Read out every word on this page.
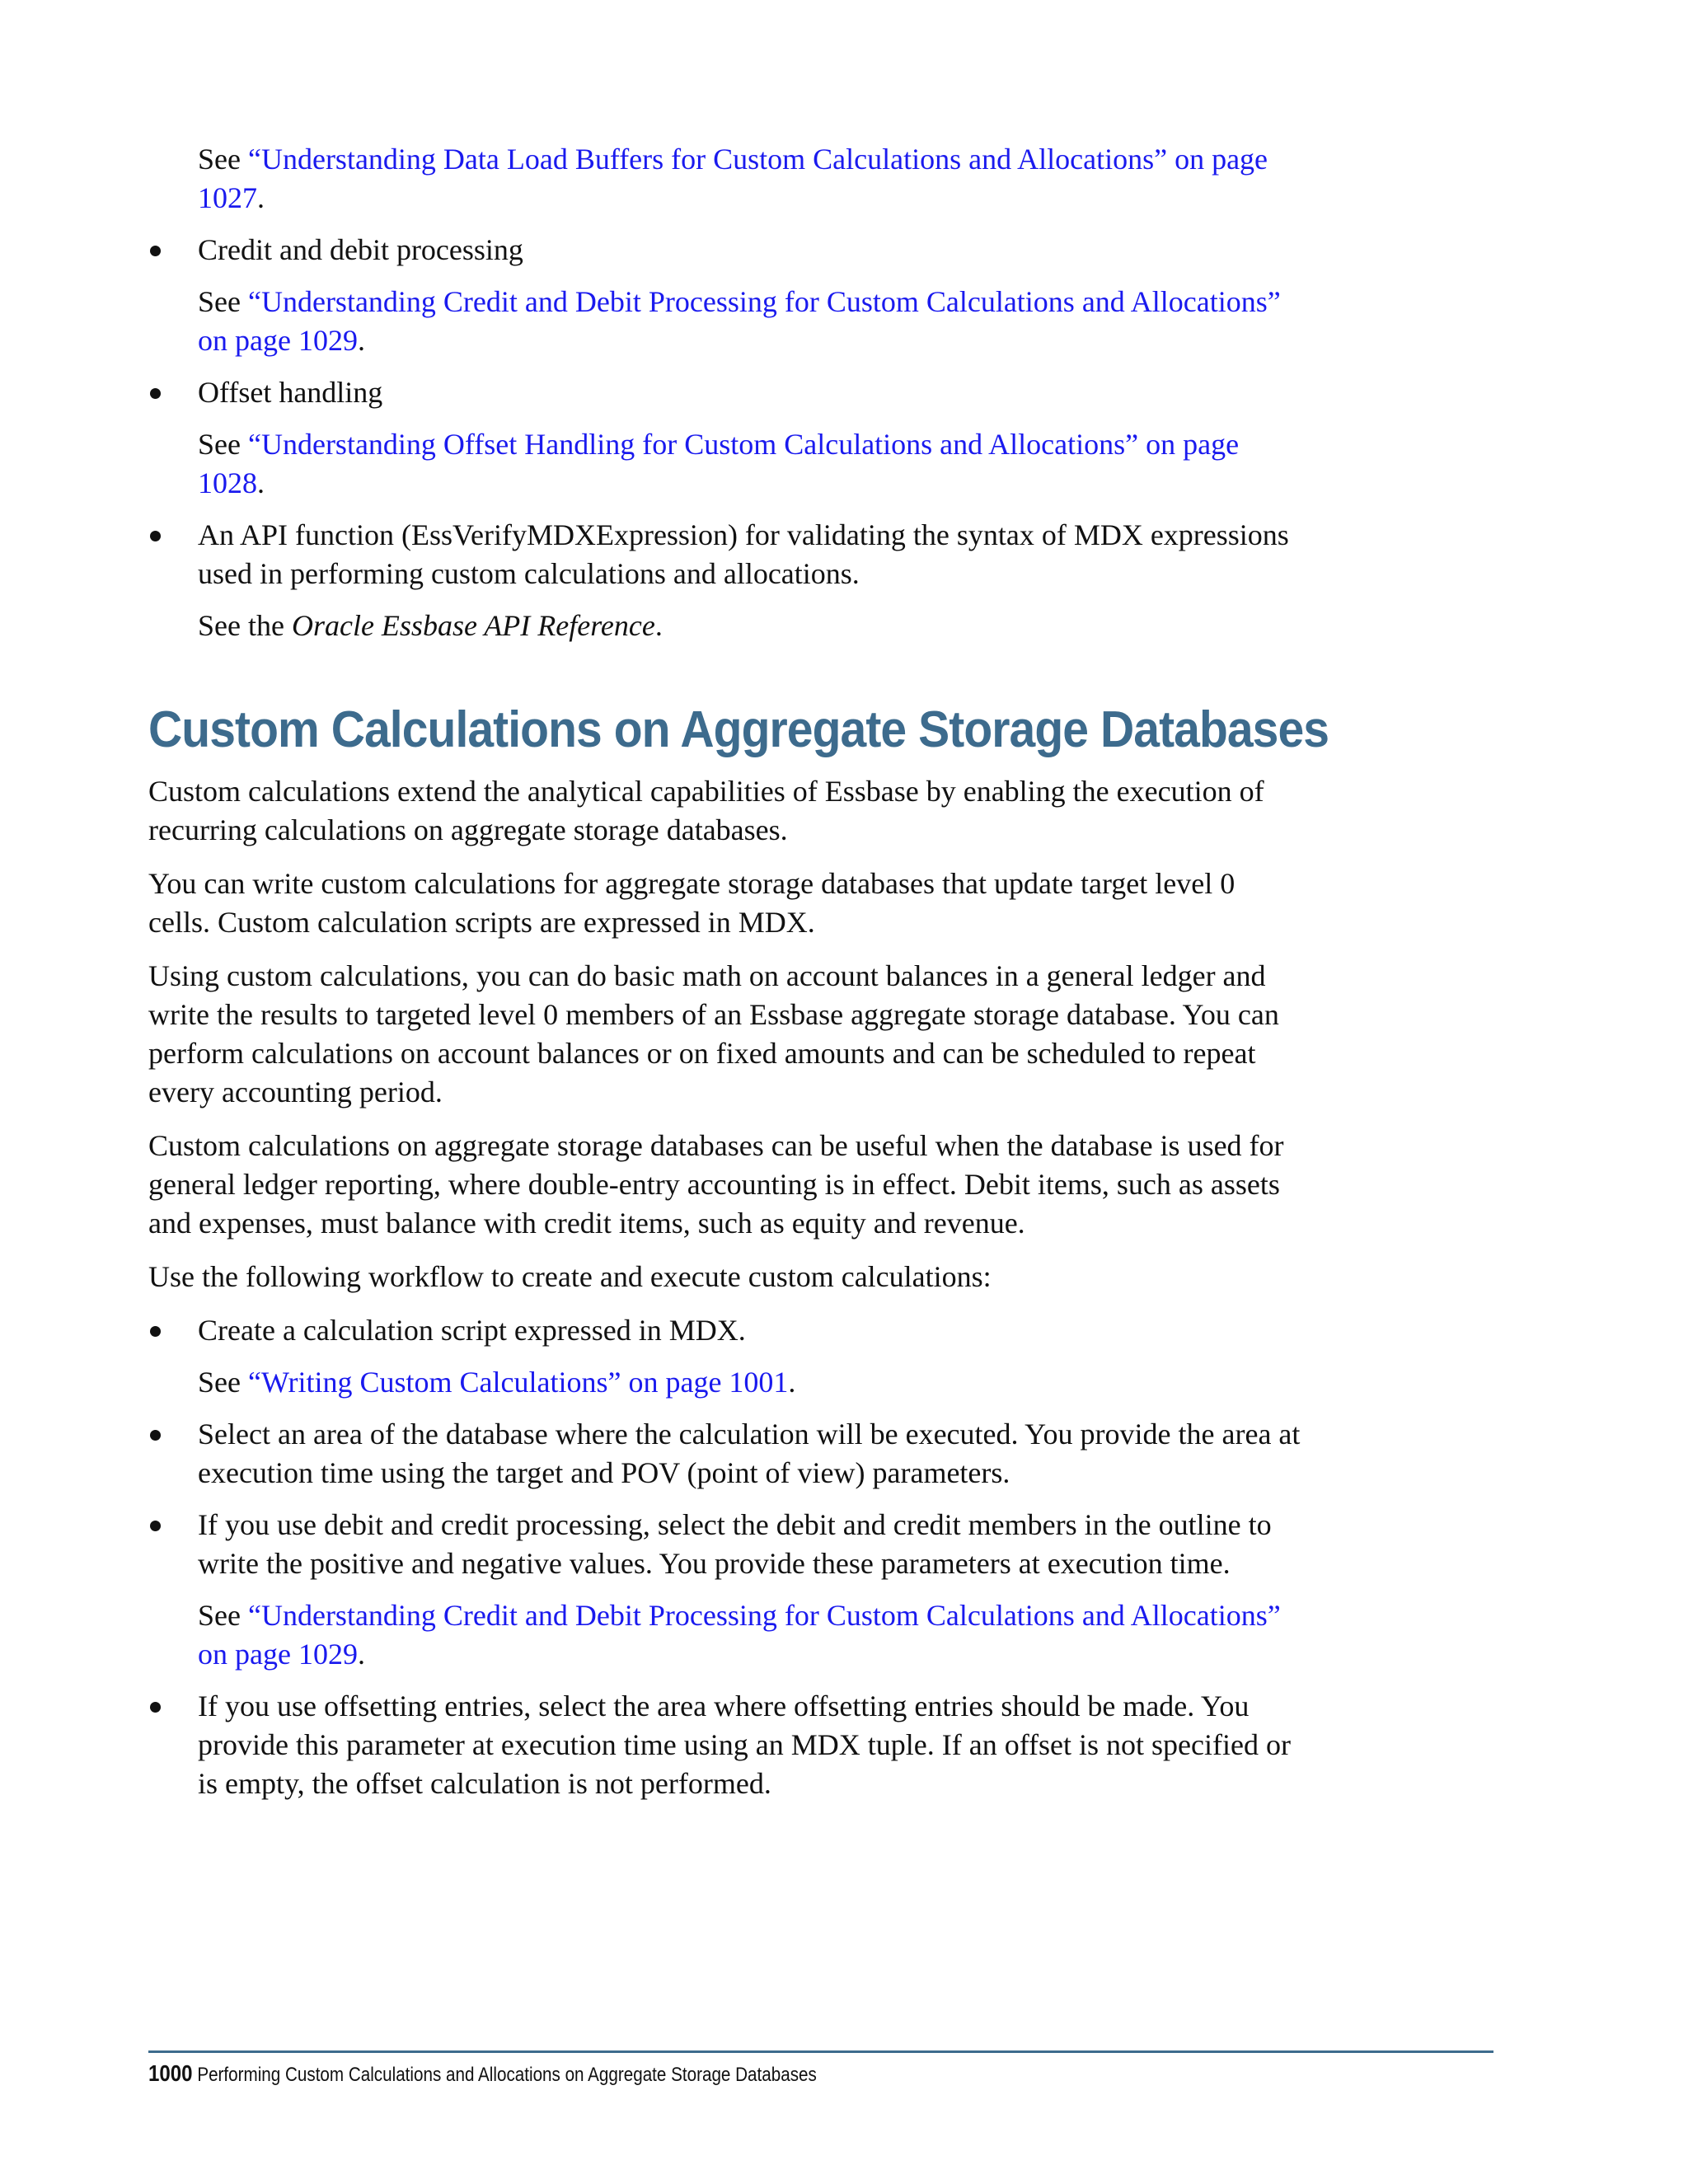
See “Understanding Data Load Buffers for Custom Calculations and Allocations” on page 1027.
Credit and debit processing
See “Understanding Credit and Debit Processing for Custom Calculations and Allocations” on page 1029.
Offset handling
See “Understanding Offset Handling for Custom Calculations and Allocations” on page 1028.
An API function (EssVerifyMDXExpression) for validating the syntax of MDX expressions used in performing custom calculations and allocations.
See the Oracle Essbase API Reference.
Custom Calculations on Aggregate Storage Databases

Custom calculations extend the analytical capabilities of Essbase by enabling the execution of recurring calculations on aggregate storage databases.

You can write custom calculations for aggregate storage databases that update target level 0 cells. Custom calculation scripts are expressed in MDX.

Using custom calculations, you can do basic math on account balances in a general ledger and write the results to targeted level 0 members of an Essbase aggregate storage database. You can perform calculations on account balances or on fixed amounts and can be scheduled to repeat every accounting period.

Custom calculations on aggregate storage databases can be useful when the database is used for general ledger reporting, where double-entry accounting is in effect. Debit items, such as assets and expenses, must balance with credit items, such as equity and revenue.

Use the following workflow to create and execute custom calculations:

Create a calculation script expressed in MDX.
See “Writing Custom Calculations” on page 1001.
Select an area of the database where the calculation will be executed. You provide the area at execution time using the target and POV (point of view) parameters.
If you use debit and credit processing, select the debit and credit members in the outline to write the positive and negative values. You provide these parameters at execution time.
See “Understanding Credit and Debit Processing for Custom Calculations and Allocations” on page 1029.
If you use offsetting entries, select the area where offsetting entries should be made. You provide this parameter at execution time using an MDX tuple. If an offset is not specified or is empty, the offset calculation is not performed.
1000 Performing Custom Calculations and Allocations on Aggregate Storage Databases
